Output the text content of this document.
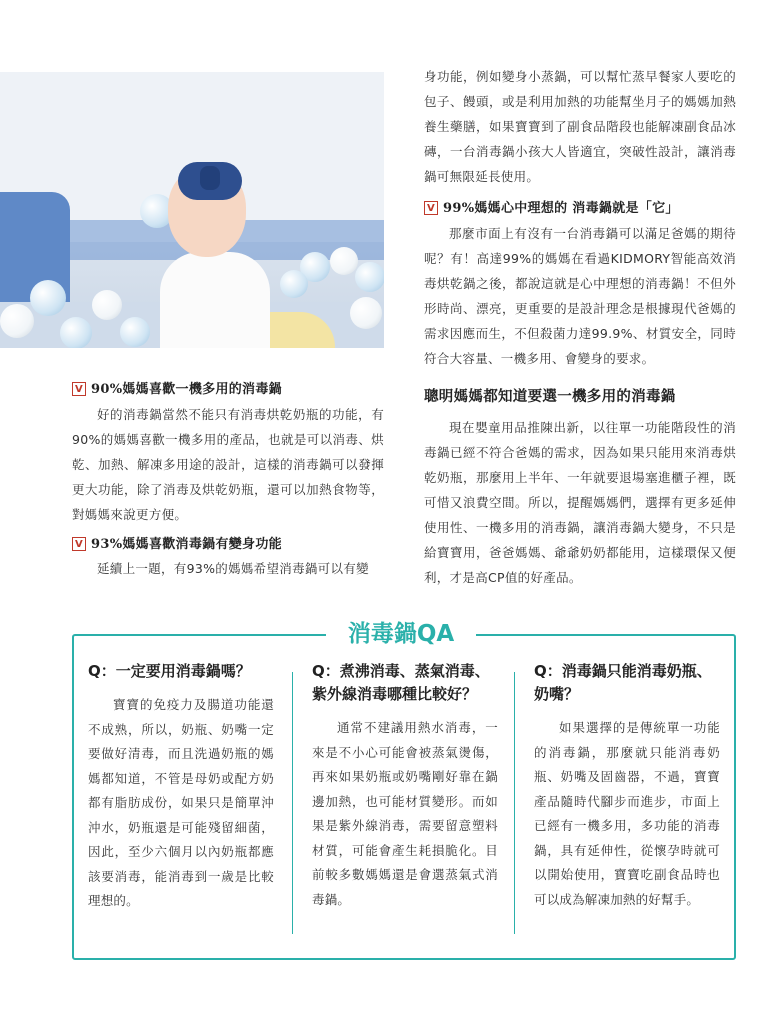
V 90%媽媽喜歡一機多用的消毒鍋

好的消毒鍋當然不能只有消毒烘乾奶瓶的功能，有90%的媽媽喜歡一機多用的產品，也就是可以消毒、烘乾、加熱、解凍多用途的設計，這樣的消毒鍋可以發揮更大功能，除了消毒及烘乾奶瓶，還可以加熱食物等，對媽媽來說更方便。

V 93%媽媽喜歡消毒鍋有變身功能

延續上一題，有93%的媽媽希望消毒鍋可以有變

身功能，例如變身小蒸鍋，可以幫忙蒸早餐家人要吃的包子、饅頭，或是利用加熱的功能幫坐月子的媽媽加熱養生藥膳，如果寶寶到了副食品階段也能解凍副食品冰磚，一台消毒鍋小孩大人皆適宜，突破性設計，讓消毒鍋可無限延長使用。

V 99%媽媽心中理想的 消毒鍋就是「它」

那麼市面上有沒有一台消毒鍋可以滿足爸媽的期待呢？有！高達99%的媽媽在看過KIDMORY智能高效消毒烘乾鍋之後，都說這就是心中理想的消毒鍋！不但外形時尚、漂亮，更重要的是設計理念是根據現代爸媽的需求因應而生，不但殺菌力達99.9%、材質安全，同時符合大容量、一機多用、會變身的要求。

聰明媽媽都知道要選一機多用的消毒鍋

現在嬰童用品推陳出新，以往單一功能階段性的消毒鍋已經不符合爸媽的需求，因為如果只能用來消毒烘乾奶瓶，那麼用上半年、一年就要退場塞進櫃子裡，既可惜又浪費空間。所以，提醒媽媽們，選擇有更多延伸使用性、一機多用的消毒鍋，讓消毒鍋大變身，不只是給寶寶用，爸爸媽媽、爺爺奶奶都能用，這樣環保又便利，才是高CP值的好產品。

消毒鍋QA
Q：一定要用消毒鍋嗎？

寶寶的免疫力及腸道功能還不成熟，所以，奶瓶、奶嘴一定要做好清毒，而且洗過奶瓶的媽媽都知道，不管是母奶或配方奶都有脂肪成份，如果只是簡單沖沖水，奶瓶還是可能殘留細菌，因此，至少六個月以內奶瓶都應該要消毒，能消毒到一歲是比較理想的。

Q：煮沸消毒、蒸氣消毒、紫外線消毒哪種比較好？

通常不建議用熱水消毒，一來是不小心可能會被蒸氣燙傷，再來如果奶瓶或奶嘴剛好靠在鍋邊加熱，也可能材質變形。而如果是紫外線消毒，需要留意塑料材質，可能會產生耗損脆化。目前較多數媽媽還是會選蒸氣式消毒鍋。

Q：消毒鍋只能消毒奶瓶、奶嘴？

如果選擇的是傳統單一功能的消毒鍋，那麼就只能消毒奶瓶、奶嘴及固齒器，不過，寶寶產品隨時代腳步而進步，市面上已經有一機多用，多功能的消毒鍋，具有延伸性，從懷孕時就可以開始使用，寶寶吃副食品時也可以成為解凍加熱的好幫手。
